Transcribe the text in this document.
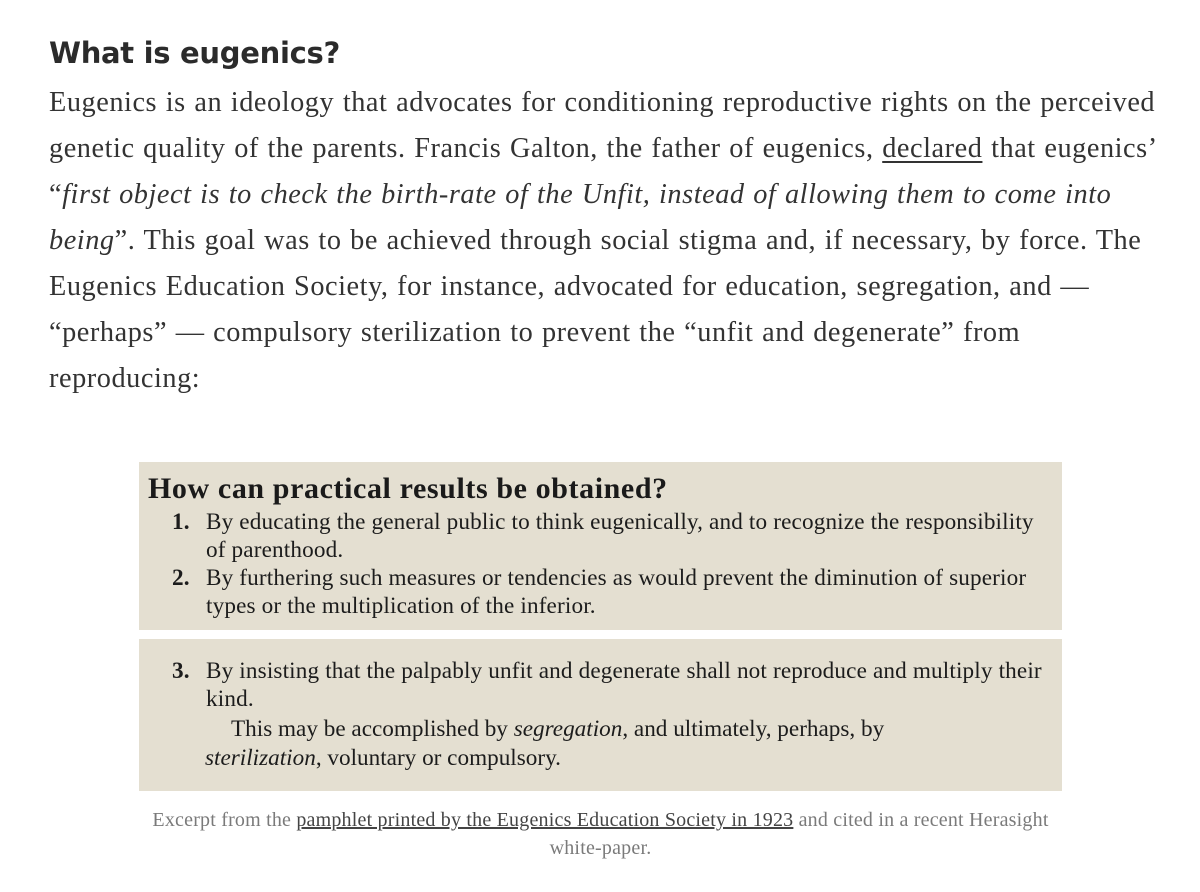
What is eugenics?

Eugenics is an ideology that advocates for conditioning reproductive rights on the perceived genetic quality of the parents. Francis Galton, the father of eugenics, declared that eugenics’ “first object is to check the birth-rate of the Unfit, instead of allowing them to come into being”. This goal was to be achieved through social stigma and, if necessary, by force. The Eugenics Education Society, for instance, advocated for education, segregation, and — “perhaps” — compulsory sterilization to prevent the “unfit and degenerate” from reproducing:

How can practical results be obtained?
1. By educating the general public to think eugenically, and to recognize the responsibility of parenthood.
2. By furthering such measures or tendencies as would prevent the diminution of superior types or the multiplication of the inferior.
3. By insisting that the palpably unfit and degenerate shall not reproduce and multiply their kind.
This may be accomplished by segregation, and ultimately, perhaps, by
sterilization, voluntary or compulsory.
Excerpt from the pamphlet printed by the Eugenics Education Society in 1923 and cited in a recent Herasight white-paper.
